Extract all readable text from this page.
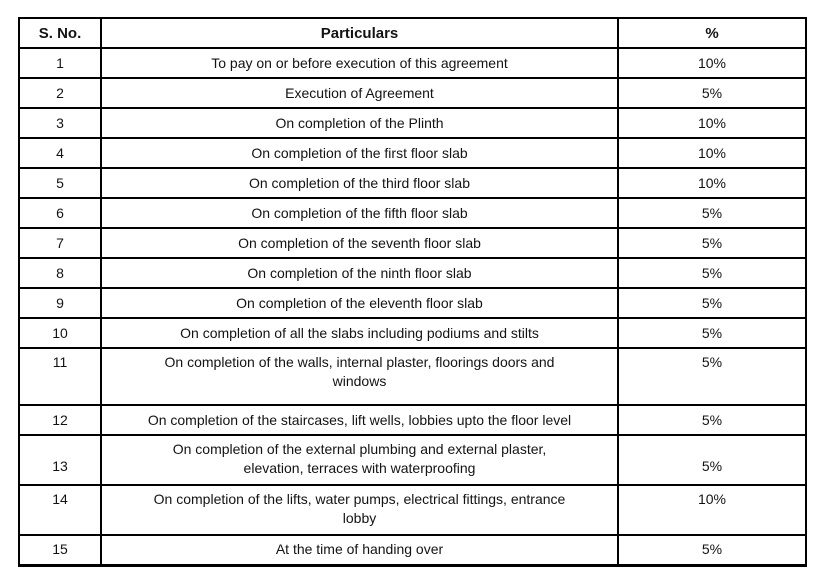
S. No.	Particulars	%
1	To pay on or before execution of this agreement	10%
2	Execution of Agreement	5%
3	On completion of the Plinth	10%
4	On completion of the first floor slab	10%
5	On completion of the third floor slab	10%
6	On completion of the fifth floor slab	5%
7	On completion of the seventh floor slab	5%
8	On completion of the ninth floor slab	5%
9	On completion of the eleventh floor slab	5%
10	On completion of all the slabs including podiums and stilts	5%
11	On completion of the walls, internal plaster, floorings doors and windows	5%
12	On completion of the staircases, lift wells, lobbies upto the floor level	5%
13	On completion of the external plumbing and external plaster, elevation, terraces with waterproofing	5%
14	On completion of the lifts, water pumps, electrical fittings, entrance lobby	10%
15	At the time of handing over	5%
